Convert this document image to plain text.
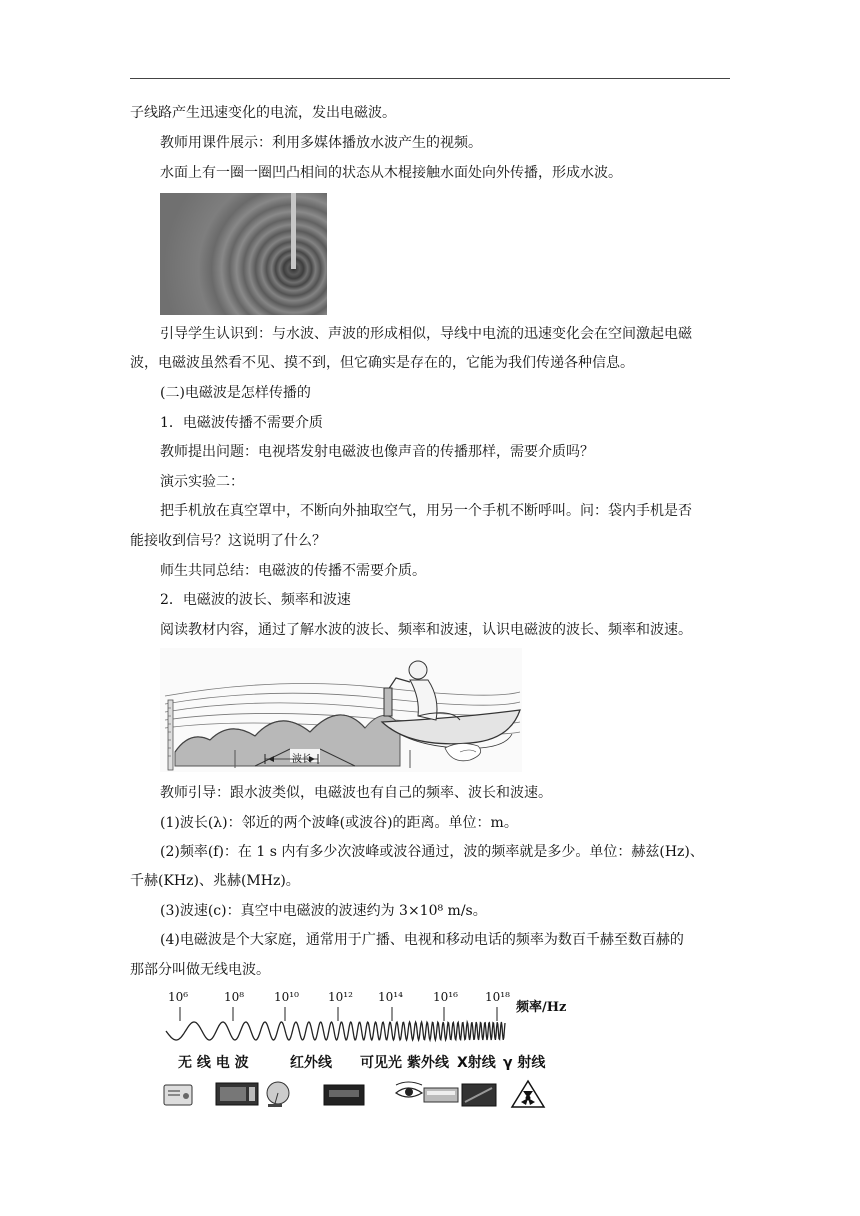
子线路产生迅速变化的电流，发出电磁波。
教师用课件展示：利用多媒体播放水波产生的视频。
水面上有一圈一圈凹凸相间的状态从木棍接触水面处向外传播，形成水波。
引导学生认识到：与水波、声波的形成相似，导线中电流的迅速变化会在空间激起电磁
波，电磁波虽然看不见、摸不到，但它确实是存在的，它能为我们传递各种信息。
(二)电磁波是怎样传播的
1．电磁波传播不需要介质
教师提出问题：电视塔发射电磁波也像声音的传播那样，需要介质吗？
演示实验二：
把手机放在真空罩中，不断向外抽取空气，用另一个手机不断呼叫。问：袋内手机是否
能接收到信号？这说明了什么？
师生共同总结：电磁波的传播不需要介质。
2．电磁波的波长、频率和波速
阅读教材内容，通过了解水波的波长、频率和波速，认识电磁波的波长、频率和波速。
波长
教师引导：跟水波类似，电磁波也有自己的频率、波长和波速。
(1)波长(λ)：邻近的两个波峰(或波谷)的距离。单位：m。
(2)频率(f)：在 1 s 内有多少次波峰或波谷通过，波的频率就是多少。单位：赫兹(Hz)、
千赫(KHz)、兆赫(MHz)。
(3)波速(c)：真空中电磁波的波速约为 3×10⁸ m/s。
(4)电磁波是个大家庭，通常用于广播、电视和移动电话的频率为数百千赫至数百赫的
那部分叫做无线电波。
10⁶	10⁸ 10¹⁰ 10¹² 10¹⁴	10¹⁶ 10¹⁸
频率/Hz
无 线 电 波	红外线 可见光 紫外线 X射线 γ 射线
